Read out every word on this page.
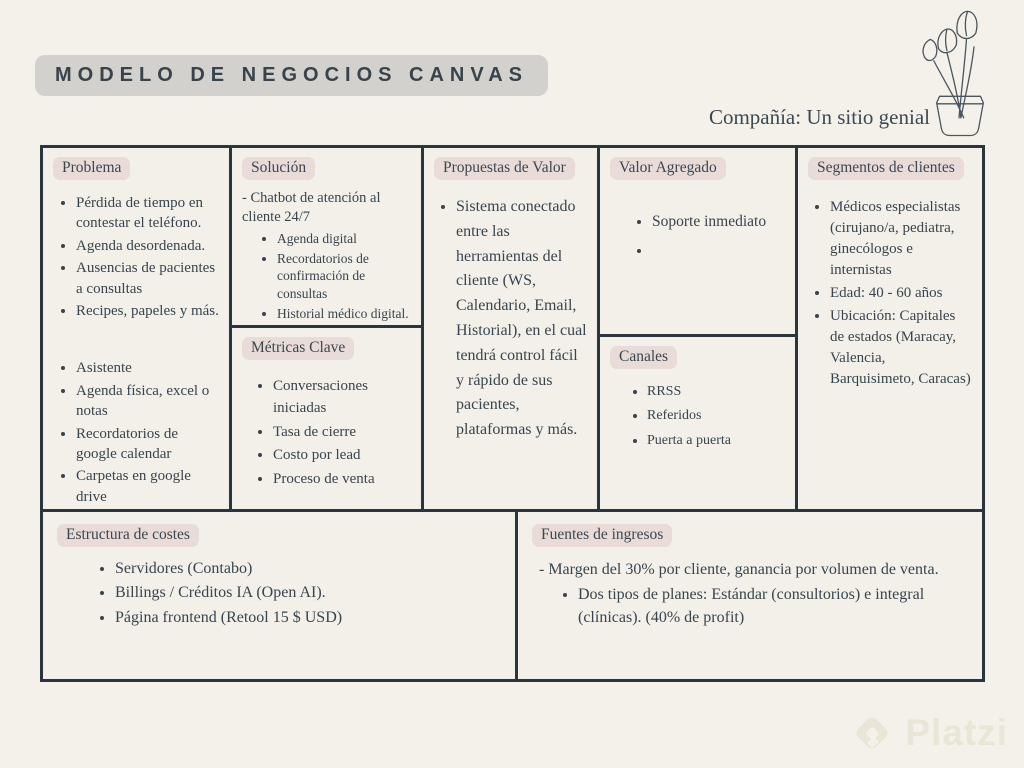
MODELO DE NEGOCIOS CANVAS
Compañía: Un sitio genial
Problema
• Pérdida de tiempo en contestar el teléfono.
• Agenda desordenada.
• Ausencias de pacientes a consultas
• Recipes, papeles y más.
• Asistente
• Agenda física, excel o notas
• Recordatorios de google calendar
• Carpetas en google drive
Solución

- Chatbot de atención al cliente 24/7

• Agenda digital
• Recordatorios de confirmación de consultas
• Historial médico digital.
Métricas Clave
• Conversaciones iniciadas
• Tasa de cierre
• Costo por lead
• Proceso de venta
Propuestas de Valor
• Sistema conectado entre las herramientas del cliente (WS, Calendario, Email, Historial), en el cual tendrá control fácil y rápido de sus pacientes, plataformas y más.
Valor Agregado
• Soporte inmediato
•
Canales
• RRSS
• Referidos
• Puerta a puerta
Segmentos de clientes
• Médicos especialistas (cirujano/a, pediatra, ginecólogos e internistas
• Edad: 40 - 60 años
• Ubicación: Capitales de estados (Maracay, Valencia, Barquisimeto, Caracas)
Estructura de costes
• Servidores (Contabo)
• Billings / Créditos IA (Open AI).
• Página frontend (Retool 15 $ USD)
Fuentes de ingresos

- Margen del 30% por cliente, ganancia por volumen de venta.

• Dos tipos de planes: Estándar (consultorios) e integral (clínicas). (40% de profit)
Platzi
